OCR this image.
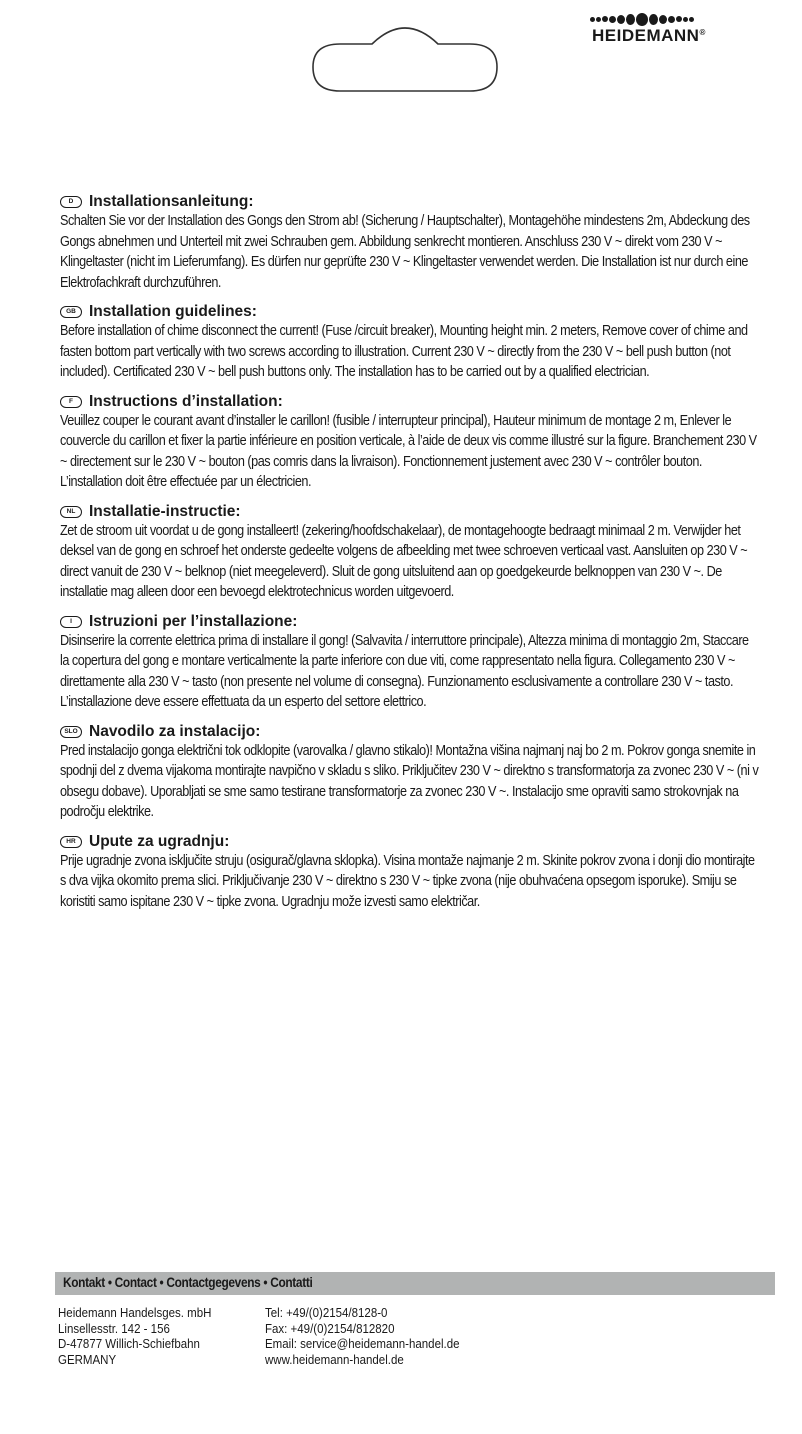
HEIDEMANN®
D	Installationsanleitung:
Schalten Sie vor der Installation des Gongs den Strom ab! (Sicherung / Hauptschalter), Montagehöhe mindestens 2m, Abdeckung des Gongs abnehmen und Unterteil mit zwei Schrauben gem. Abbildung senkrecht montieren. Anschluss 230 V ~ direkt vom 230 V ~ Klingeltaster (nicht im Lieferumfang). Es dürfen nur geprüfte 230 V ~ Klingeltaster verwendet werden. Die Installation ist nur durch eine Elektrofachkraft durchzuführen.
GB Installation guidelines:
Before installation of chime disconnect the current! (Fuse /circuit breaker), Mounting height min. 2 meters, Remove cover of chime and fasten bottom part vertically with two screws according to illustration. Current 230 V ~ directly from the 230 V ~ bell push button (not included). Certificated 230 V ~ bell push buttons only. The installation has to be carried out by a qualified electrician.
F	Instructions d’installation:
Veuillez couper le courant avant d’installer le carillon! (fusible / interrupteur principal), Hauteur minimum de montage 2 m, Enlever le couvercle du carillon et fixer la partie inférieure en position verticale, à l’aide de deux vis comme illustré sur la figure. Branchement 230 V ~ directement sur le 230 V ~ bouton (pas comris dans la livraison). Fonctionnement justement avec 230 V ~ contrôler bouton. L’installation doit être effectuée par un électricien.
NL Installatie-instructie:
Zet de stroom uit voordat u de gong installeert! (zekering/hoofdschakelaar), de montagehoogte bedraagt minimaal 2 m. Verwijder het deksel van de gong en schroef het onderste gedeelte volgens de afbeelding met twee schroeven verticaal vast. Aansluiten op 230 V ~ direct vanuit de 230 V ~ belknop (niet meegeleverd). Sluit de gong uitsluitend aan op goedgekeurde belknoppen van 230 V ~. De installatie mag alleen door een bevoegd elektrotechnicus worden uitgevoerd.
I	Istruzioni per l’installazione:
Disinserire la corrente elettrica prima di installare il gong! (Salvavita / interruttore principale), Altezza minima di montaggio 2m, Staccare la copertura del gong e montare verticalmente la parte inferiore con due viti, come rappresentato nella figura. Collegamento 230 V ~ direttamente alla 230 V ~ tasto (non presente nel volume di consegna). Funzionamento esclusivamente a controllare 230 V ~ tasto. L’installazione deve essere effettuata da un esperto del settore elettrico.
SLO Navodilo za instalacijo:
Pred instalacijo gonga električni tok odklopite (varovalka / glavno stikalo)! Montažna višina najmanj naj bo 2 m. Pokrov gonga snemite in spodnji del z dvema vijakoma montirajte navpično v skladu s sliko. Priključitev 230 V ~ direktno s transformatorja za zvonec 230 V ~ (ni v obsegu dobave). Uporabljati se sme samo testirane transformatorje za zvonec 230 V ~. Instalacijo sme opraviti samo strokovnjak na področju elektrike.
HR Upute za ugradnju:
Prije ugradnje zvona isključite struju (osigurač/glavna sklopka). Visina montaže najmanje 2 m. Skinite pokrov zvona i donji dio montirajte s dva vijka okomito prema slici. Priključivanje 230 V ~ direktno s 230 V ~ tipke zvona (nije obuhvaćena opsegom isporuke). Smiju se koristiti samo ispitane 230 V ~ tipke zvona. Ugradnju može izvesti samo električar.
Kontakt • Contact • Contactgegevens • Contatti
Heidemann Handelsges. mbH
Linsellesstr. 142 - 156
D-47877 Willich-Schiefbahn
GERMANY
Tel: +49/(0)2154/8128-0
Fax: +49/(0)2154/812820
Email: service@heidemann-handel.de
www.heidemann-handel.de
